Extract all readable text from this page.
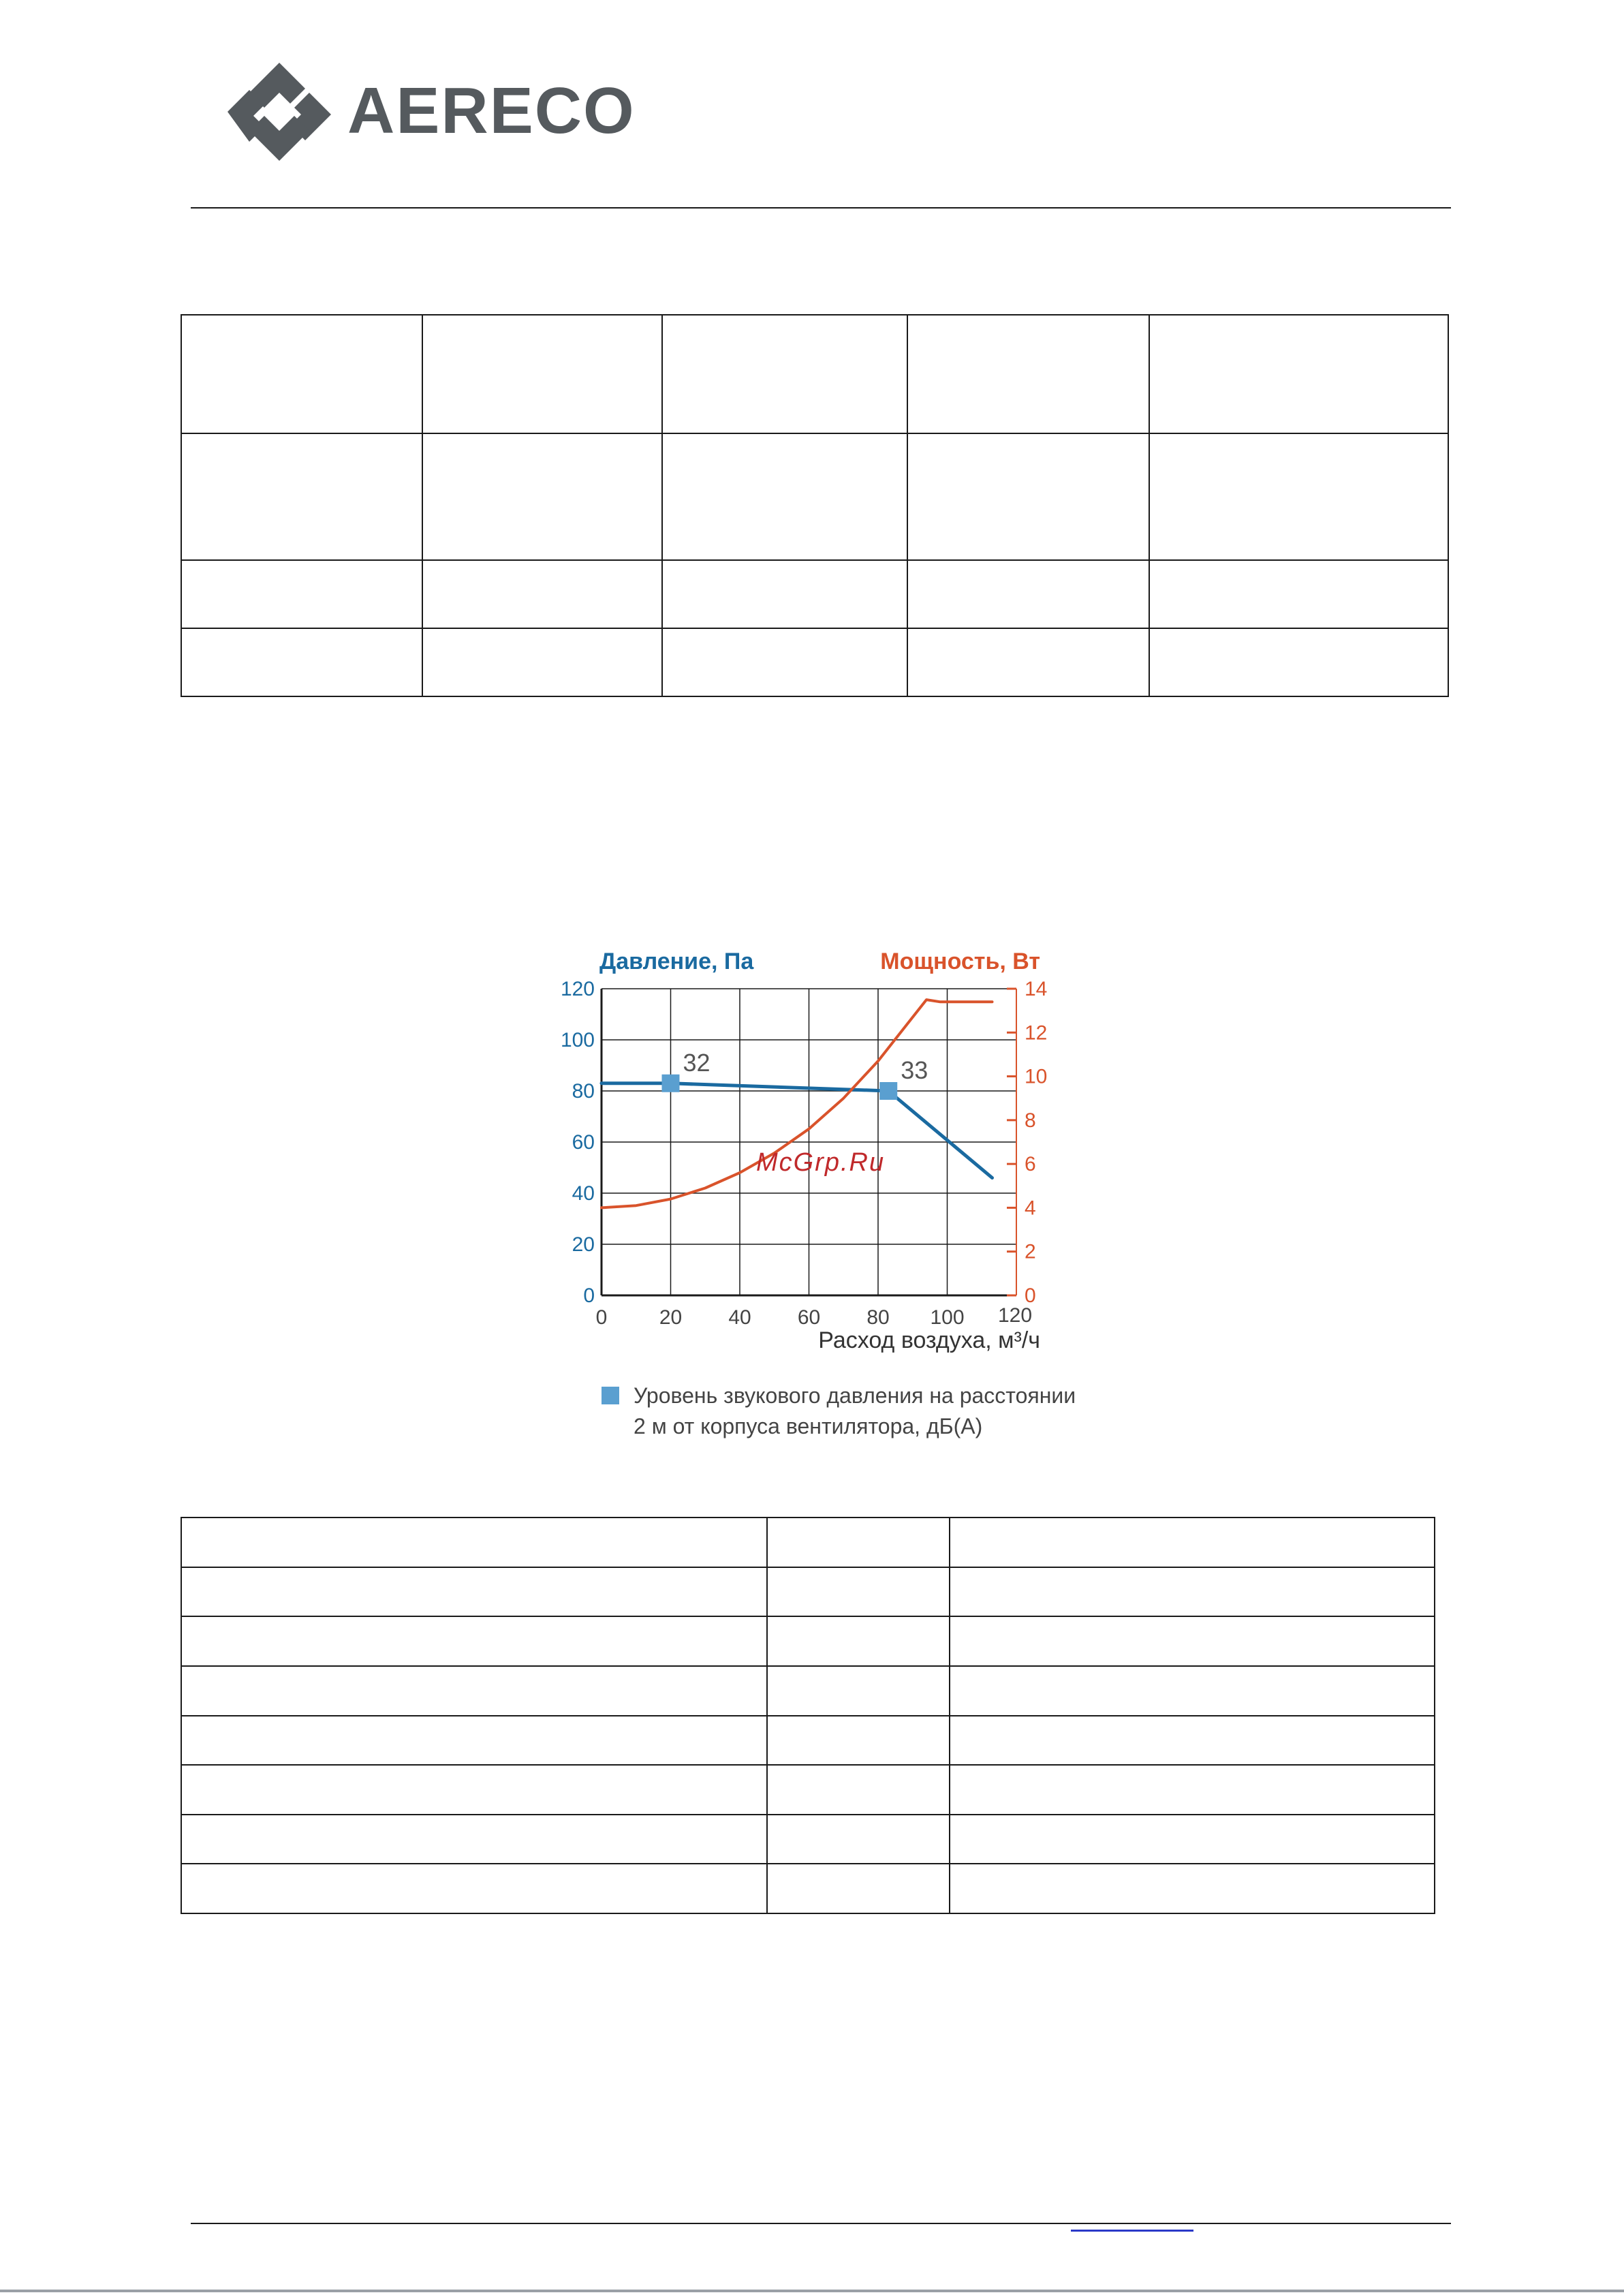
AERECO

32	33
0	20 40 60 80 100 120
0
20
40
60
80
100
120
0
2
4
6
8
10
12
14
Давление, Па	Мощность, Вт
Расход воздуха, м³/ч
McGrp.Ru
Уровень звукового давления на расстоянии
2 м от корпуса вентилятора, дБ(А)
